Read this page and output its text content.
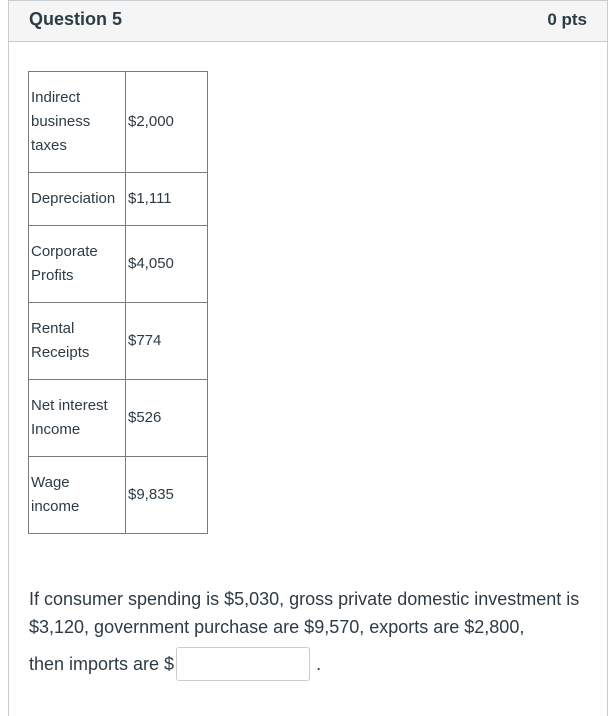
Question 5	0 pts
Indirect
business
taxes	$2,000

Depreciation	$1,111

Corporate
Profits	$4,050

Rental
Receipts	$774

Net interest
Income	$526

Wage
income	$9,835
If consumer spending is $5,030, gross private domestic investment is $3,120, government purchase are $9,570, exports are $2,800,
then imports are $	.
